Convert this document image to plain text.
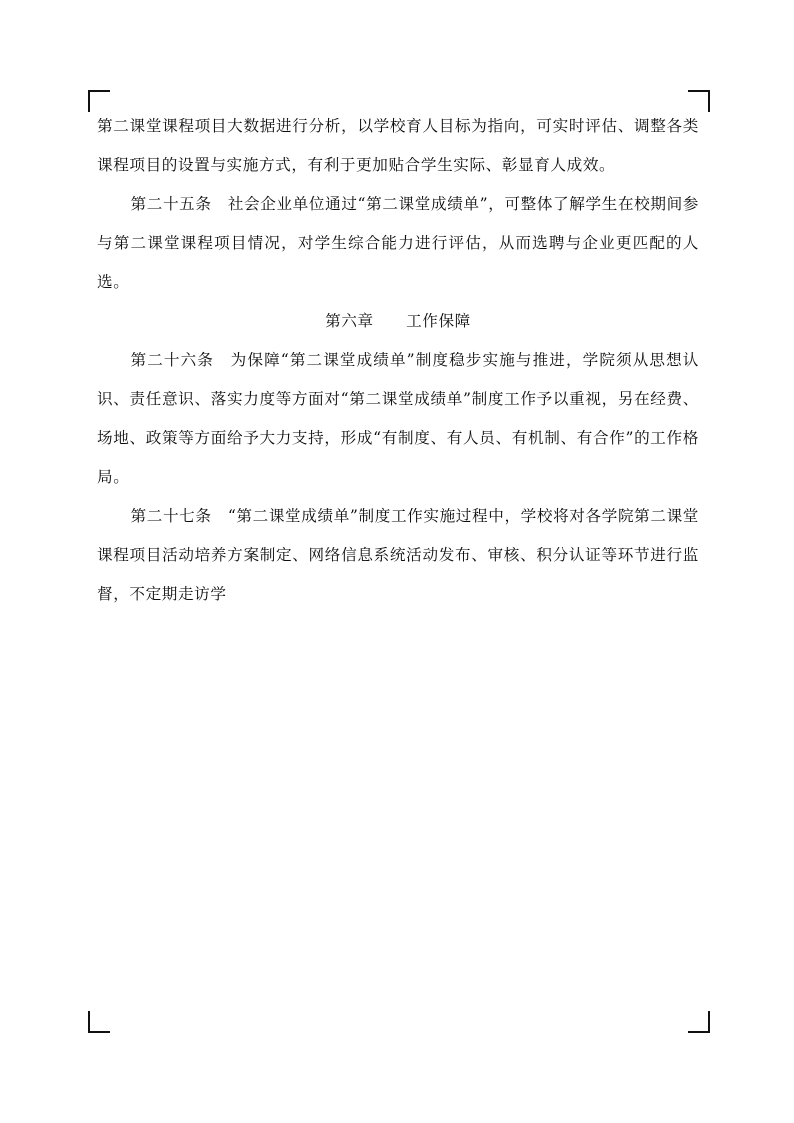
第二课堂课程项目大数据进行分析，以学校育人目标为指向，可实时评估、调整各类课程项目的设置与实施方式，有利于更加贴合学生实际、彰显育人成效。

第二十五条　社会企业单位通过“第二课堂成绩单”，可整体了解学生在校期间参与第二课堂课程项目情况，对学生综合能力进行评估，从而选聘与企业更匹配的人选。

第六章　　工作保障

第二十六条　为保障“第二课堂成绩单”制度稳步实施与推进，学院须从思想认识、责任意识、落实力度等方面对“第二课堂成绩单”制度工作予以重视，另在经费、场地、政策等方面给予大力支持，形成“有制度、有人员、有机制、有合作”的工作格局。

第二十七条　“第二课堂成绩单”制度工作实施过程中，学校将对各学院第二课堂课程项目活动培养方案制定、网络信息系统活动发布、审核、积分认证等环节进行监督，不定期走访学
